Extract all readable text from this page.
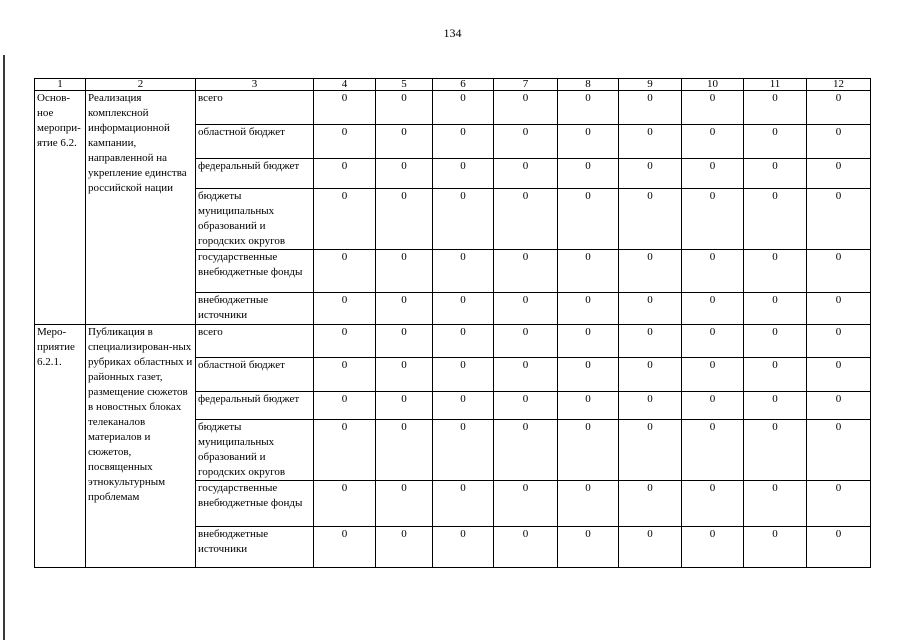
134
1	2	3	4	5	6	7	8	9	10	11	12
Основ-ное меропри-ятие 6.2.	Реализация комплексной информационной кампании, направленной на укрепление единства российской нации	всего	0	0	0	0	0	0	0	0	0
		областной бюджет	0	0	0	0	0	0	0	0	0
		федеральный бюджет	0	0	0	0	0	0	0	0	0
		бюджеты муниципальных образований и городских округов	0	0	0	0	0	0	0	0	0
		государственные внебюджетные фонды	0	0	0	0	0	0	0	0	0
		внебюджетные источники	0	0	0	0	0	0	0	0	0
Меро-приятие 6.2.1.	Публикация в специализирован-ных рубриках областных и районных газет, размещение сюжетов в новостных блоках телеканалов материалов и сюжетов, посвященных этнокультурным проблемам	всего	0	0	0	0	0	0	0	0	0
		областной бюджет	0	0	0	0	0	0	0	0	0
		федеральный бюджет	0	0	0	0	0	0	0	0	0
		бюджеты муниципальных образований и городских округов	0	0	0	0	0	0	0	0	0
		государственные внебюджетные фонды	0	0	0	0	0	0	0	0	0
		внебюджетные источники	0	0	0	0	0	0	0	0	0
